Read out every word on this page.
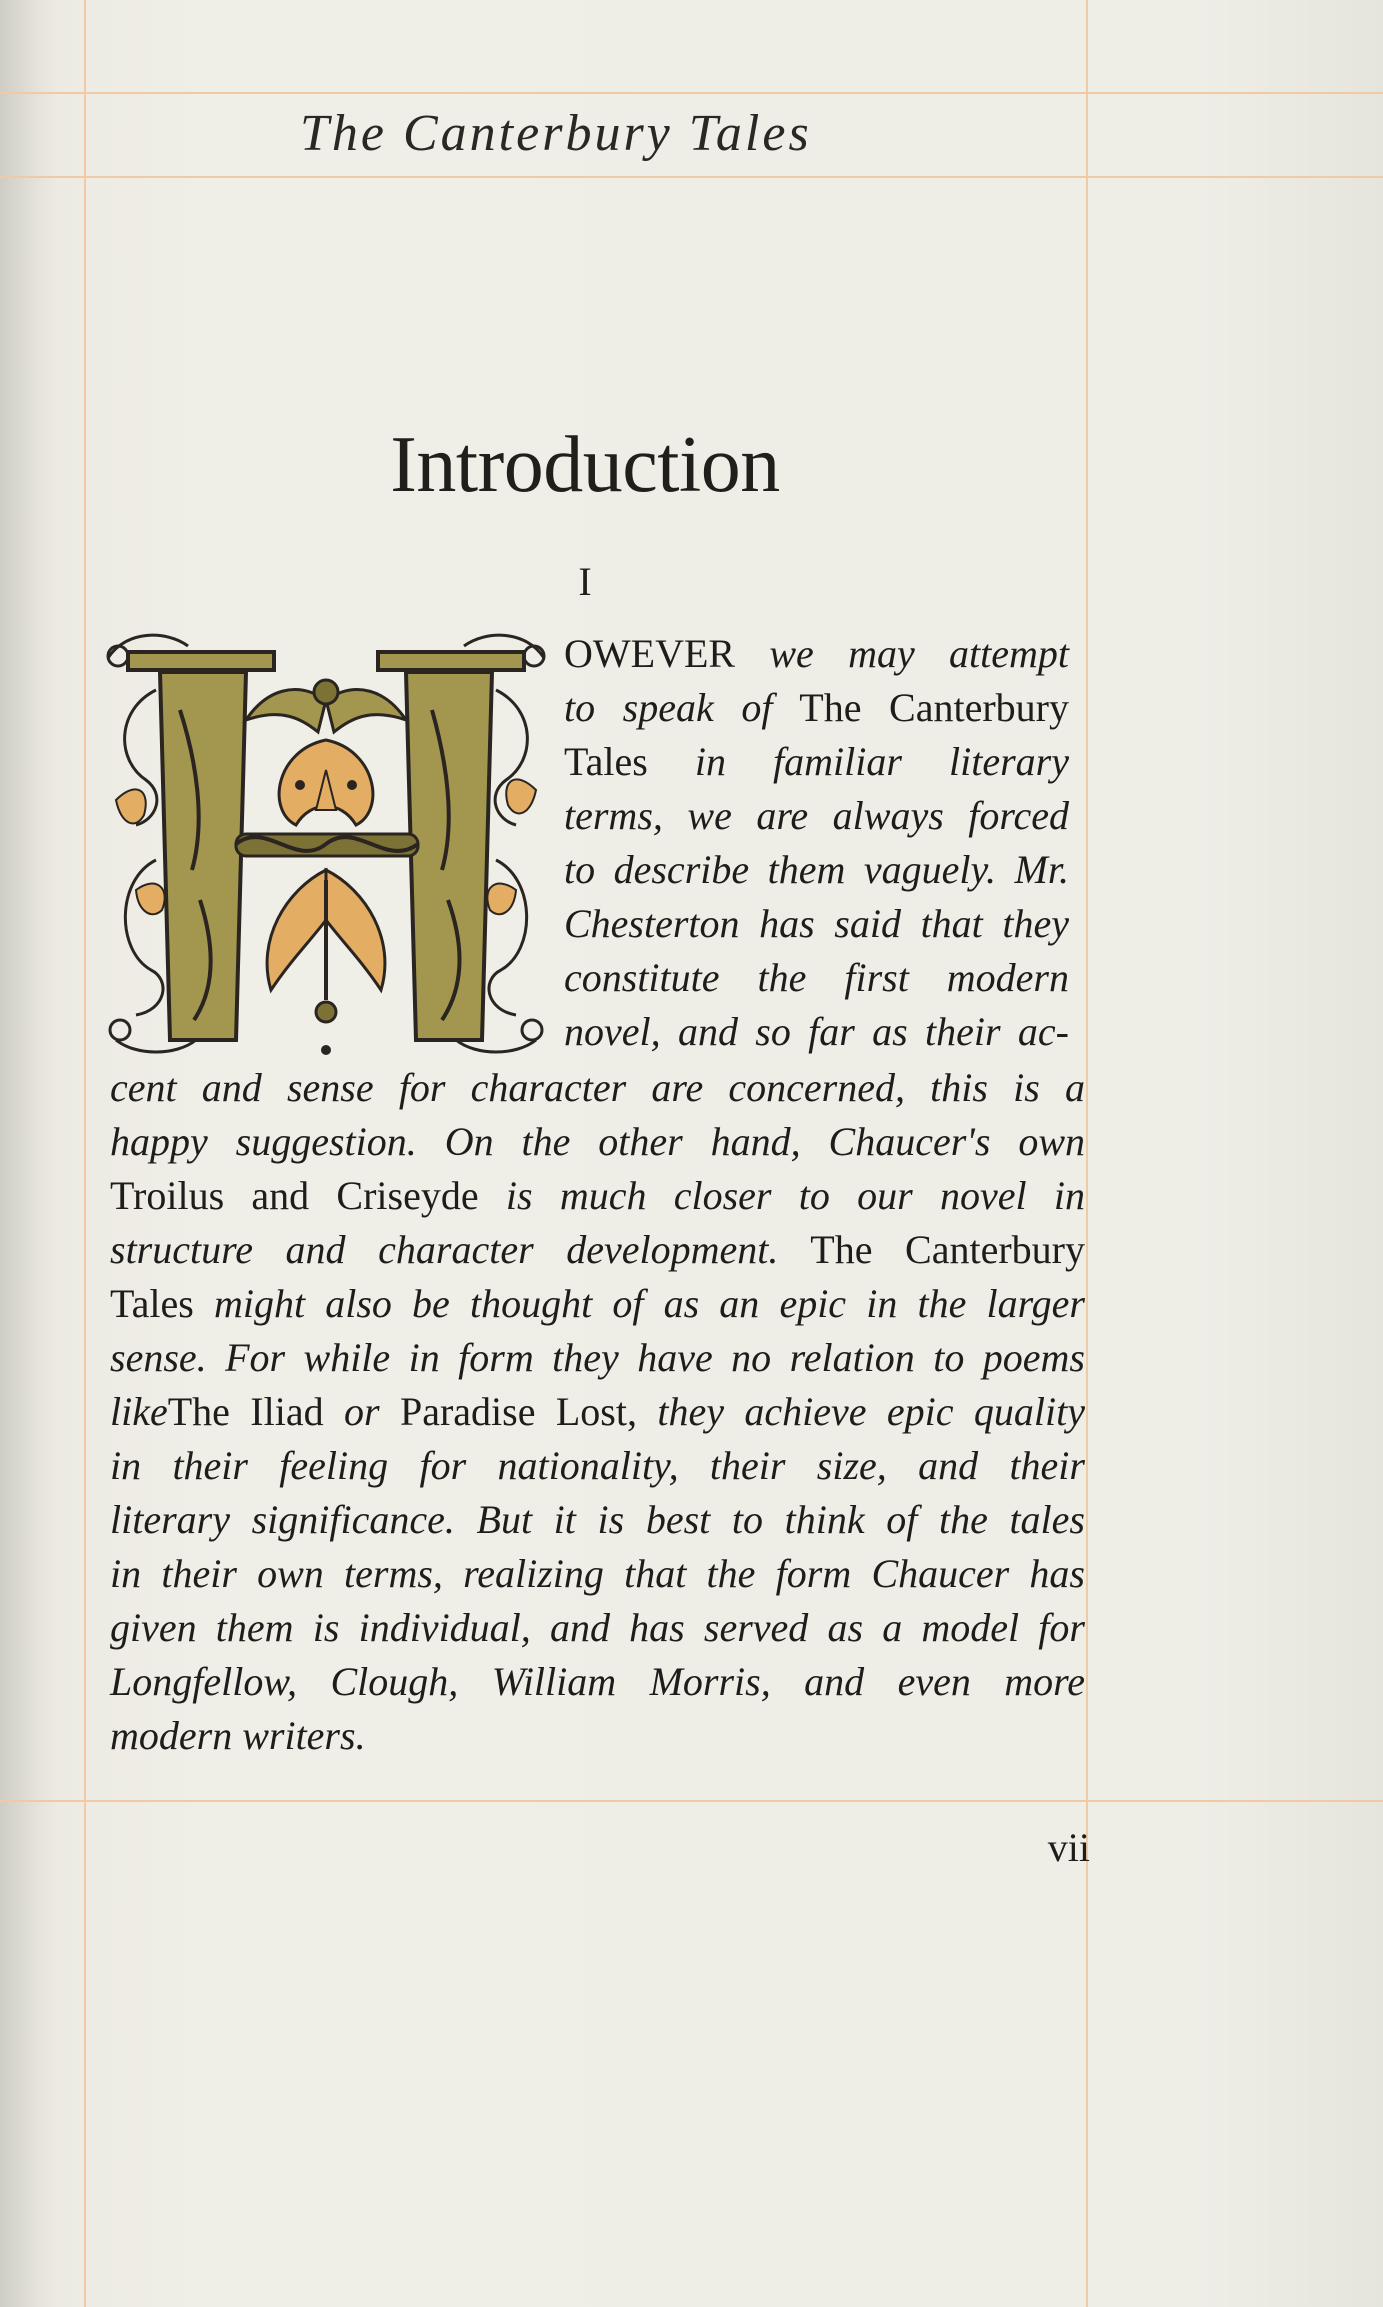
The Canterbury Tales
Introduction
I
OWEVER we may attempt
to speak of The Canterbury
Tales in familiar literary
terms, we are always forced
to describe them vaguely. Mr.
Chesterton has said that they
constitute the first modern
novel, and so far as their ac-
cent and sense for character are concerned, this is a
happy suggestion. On the other hand, Chaucer's own
Troilus and Criseyde is much closer to our novel in
structure and character development. The Canterbury
Tales might also be thought of as an epic in the larger
sense. For while in form they have no relation to poems
likeThe Iliad or Paradise Lost, they achieve epic quality
in their feeling for nationality, their size, and their
literary significance. But it is best to think of the tales
in their own terms, realizing that the form Chaucer has
given them is individual, and has served as a model for
Longfellow, Clough, William Morris, and even more
modern writers.
vii
